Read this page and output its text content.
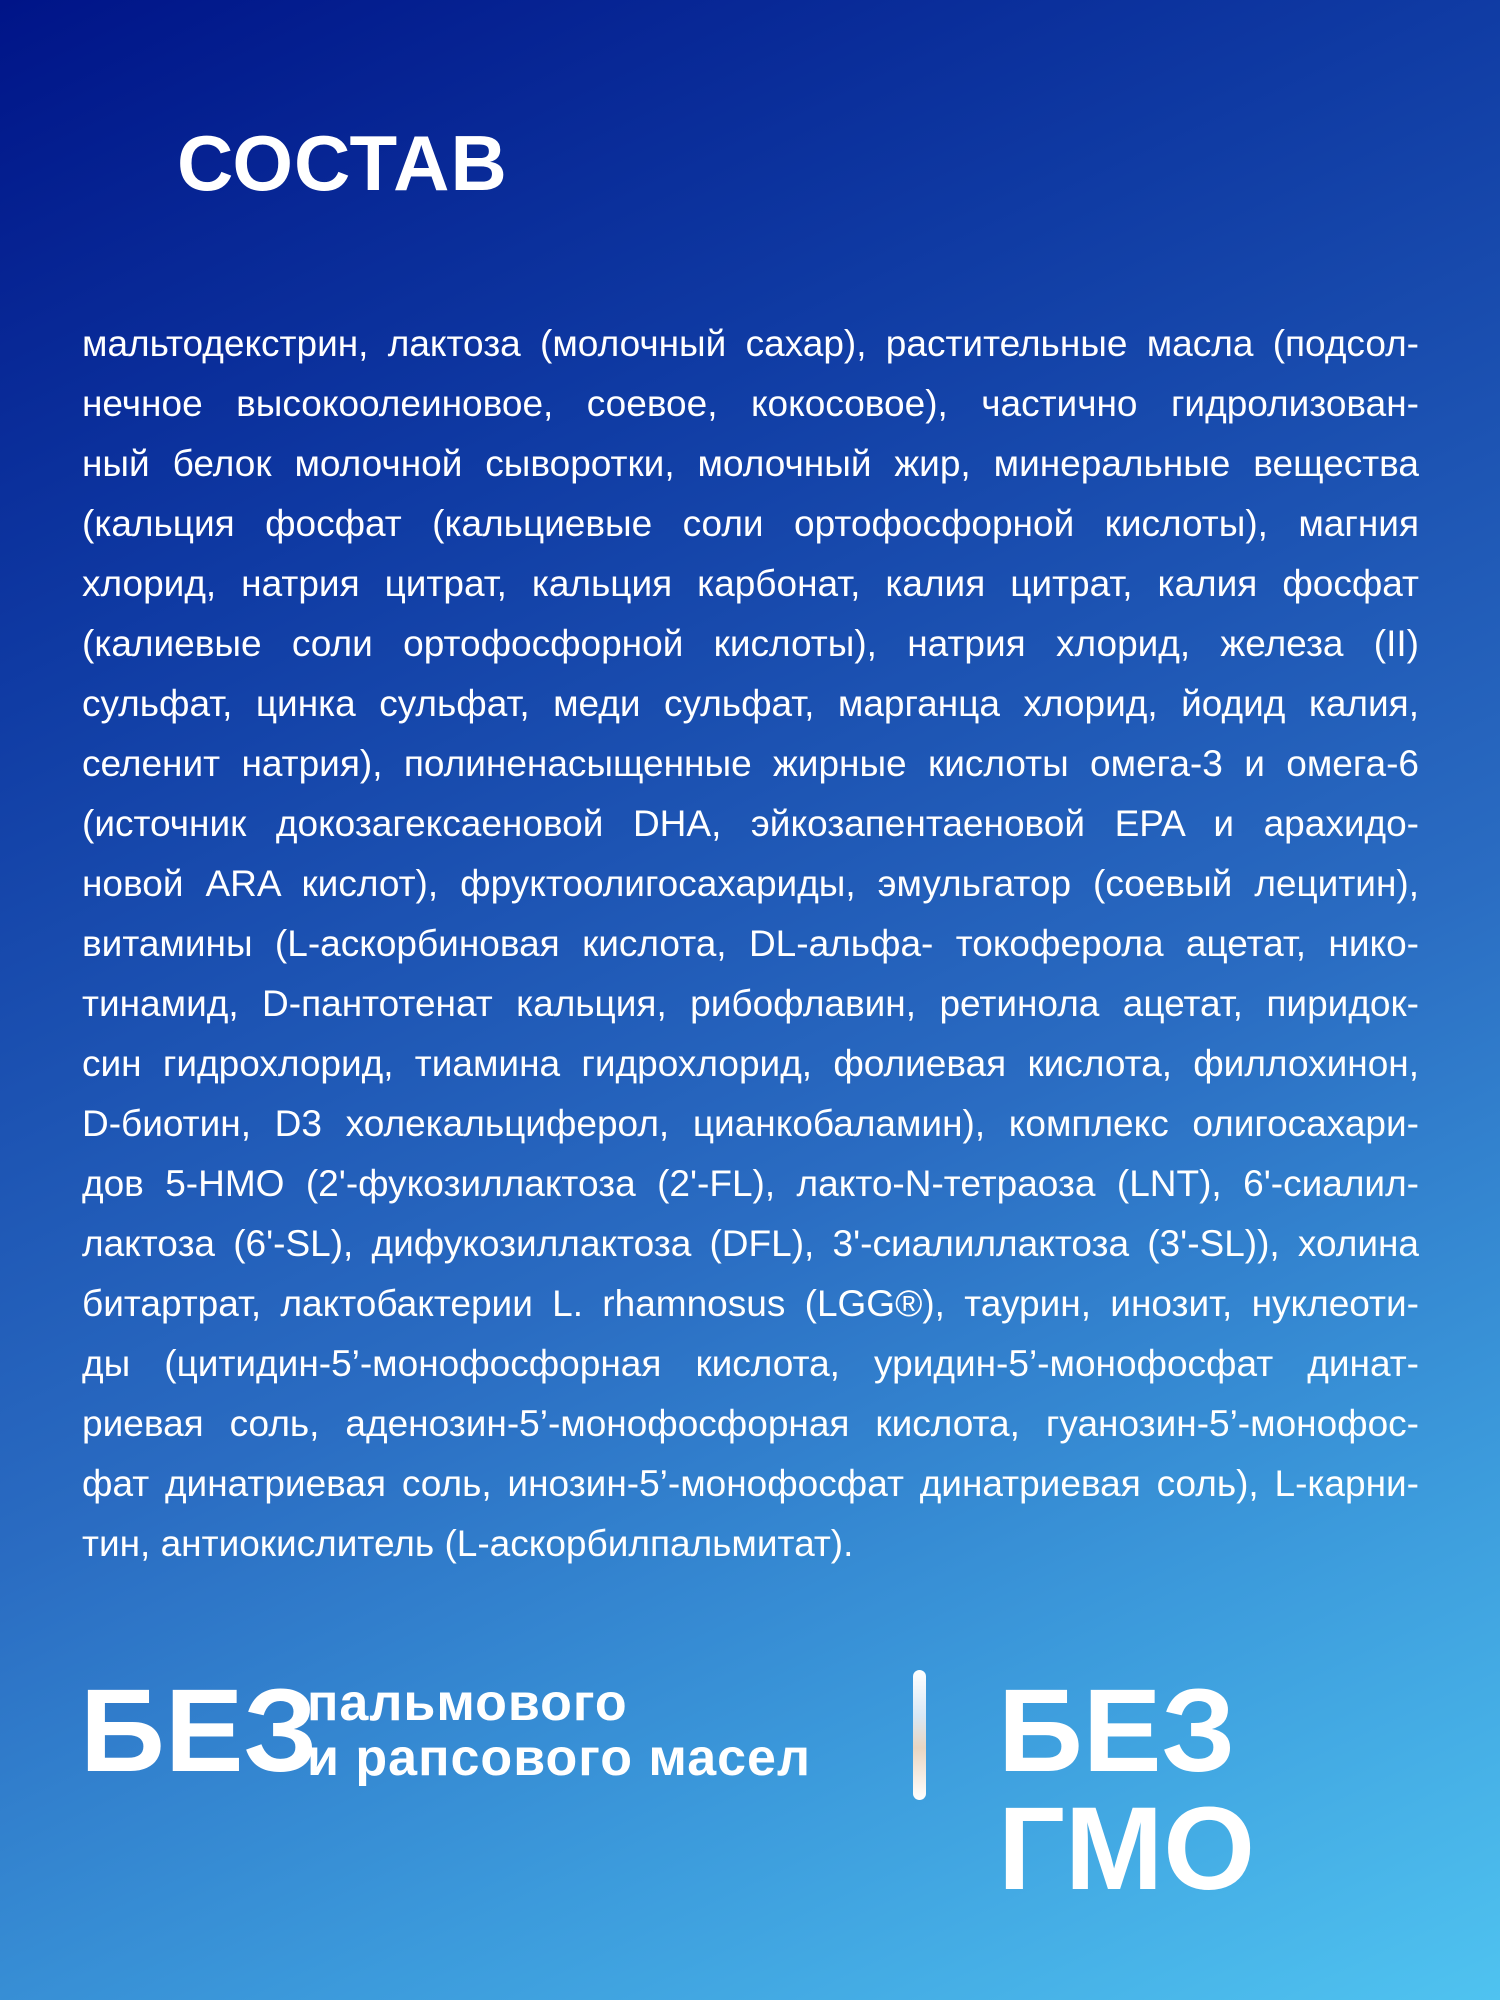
СОСТАВ
мальтодекстрин, лактоза (молочный сахар), растительные масла (подсол-
нечное высокоолеиновое, соевое, кокосовое), частично гидролизован-
ный белок молочной сыворотки, молочный жир, минеральные вещества
(кальция фосфат (кальциевые соли ортофосфорной кислоты), магния
хлорид, натрия цитрат, кальция карбонат, калия цитрат, калия фосфат
(калиевые соли ортофосфорной кислоты), натрия хлорид, железа (II)
сульфат, цинка сульфат, меди сульфат, марганца хлорид, йодид калия,
селенит натрия), полиненасыщенные жирные кислоты омега-3 и омега-6
(источник докозагексаеновой DHA, эйкозапентаеновой EPA и арахидо-
новой ARA кислот), фруктоолигосахариды, эмульгатор (соевый лецитин),
витамины (L-аскорбиновая кислота, DL-альфа- токоферола ацетат, нико-
тинамид, D-пантотенат кальция, рибофлавин, ретинола ацетат, пиридок-
син гидрохлорид, тиамина гидрохлорид, фолиевая кислота, филлохинон,
D-биотин, D3 холекальциферол, цианкобаламин), комплекс олигосахари-
дов 5-HMO (2'-фукозиллактоза (2'-FL), лакто-N-тетраоза (LNT), 6'-сиалил-
лактоза (6'-SL), дифукозиллактоза (DFL), 3'-сиалиллактоза (3'-SL)), холина
битартрат, лактобактерии L. rhamnosus (LGG®), таурин, инозит, нуклеоти-
ды (цитидин-5’-монофосфорная кислота, уридин-5’-монофосфат динат-
риевая соль, аденозин-5’-монофосфорная кислота, гуанозин-5’-монофос-
фат динатриевая соль, инозин-5’-монофосфат динатриевая соль), L-карни-
тин, антиокислитель (L-аскорбилпальмитат).
БЕЗ
пальмового
и рапсового масел БЕЗ ГМО
